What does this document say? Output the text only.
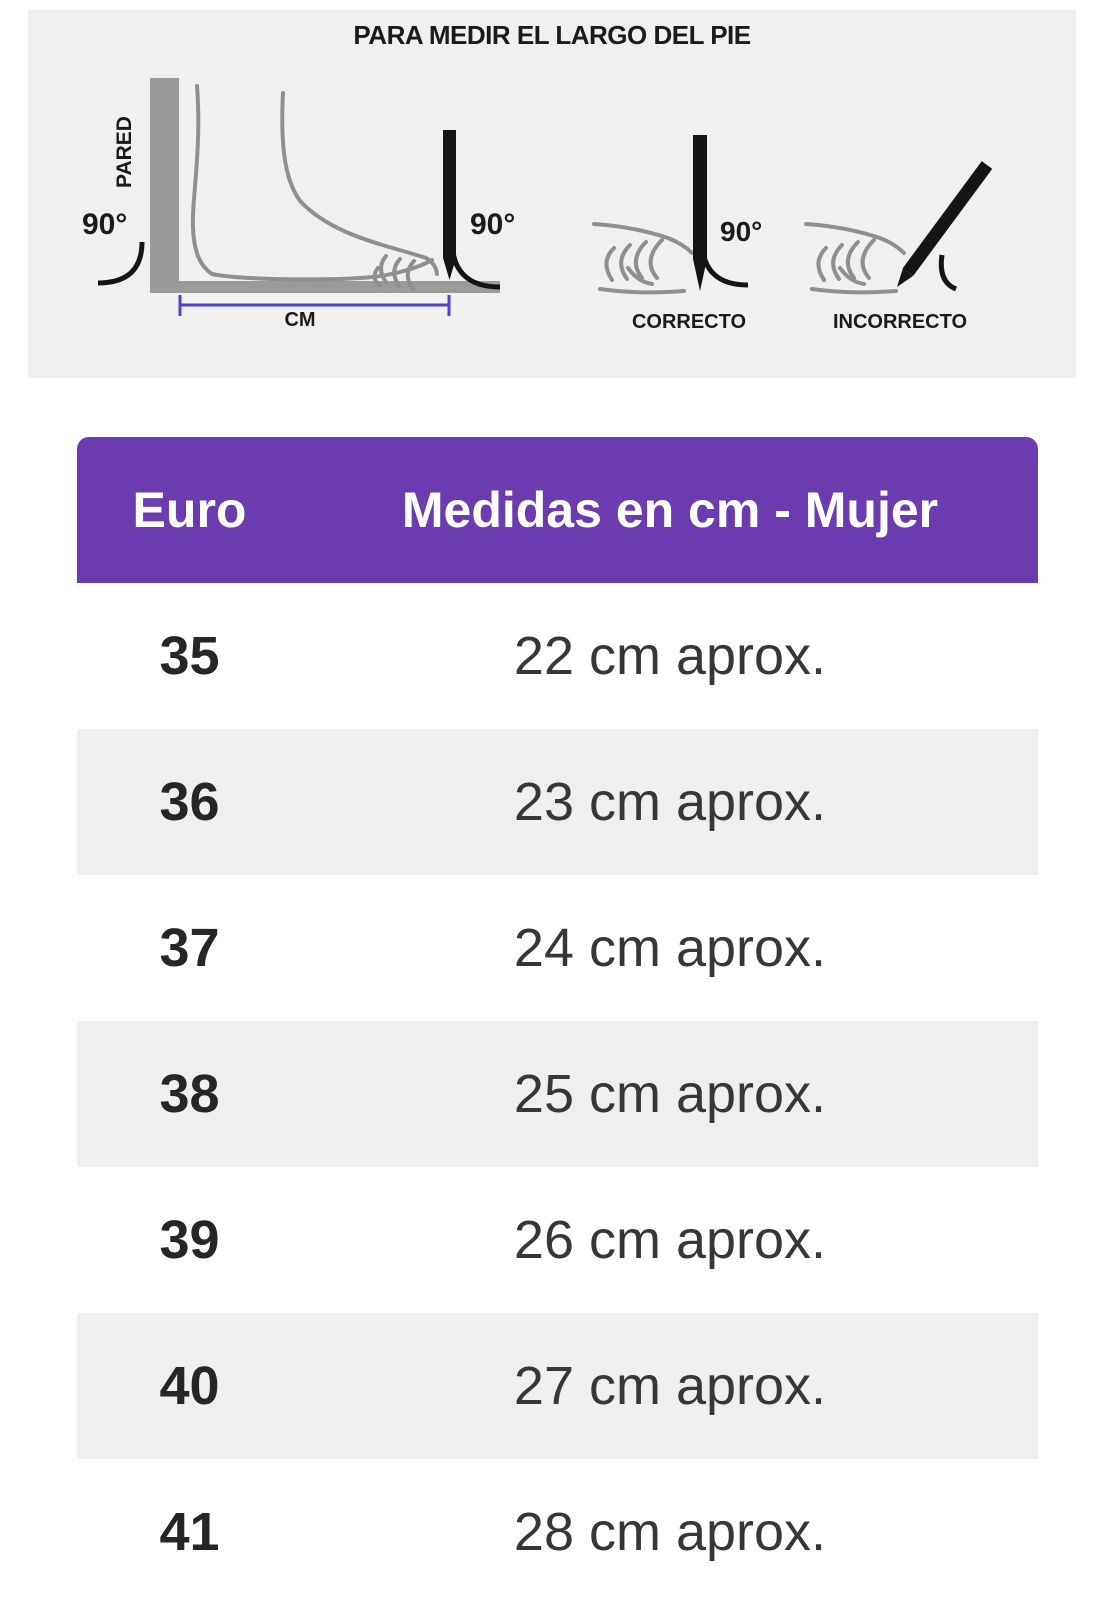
PARED
90°	90°
CM
90°
CORRECTO	INCORRECTO
PARA MEDIR EL LARGO DEL PIE
Euro	Medidas en cm - Mujer
35	22 cm aprox.
36	23 cm aprox.
37	24 cm aprox.
38	25 cm aprox.
39	26 cm aprox.
40	27 cm aprox.
41	28 cm aprox.
